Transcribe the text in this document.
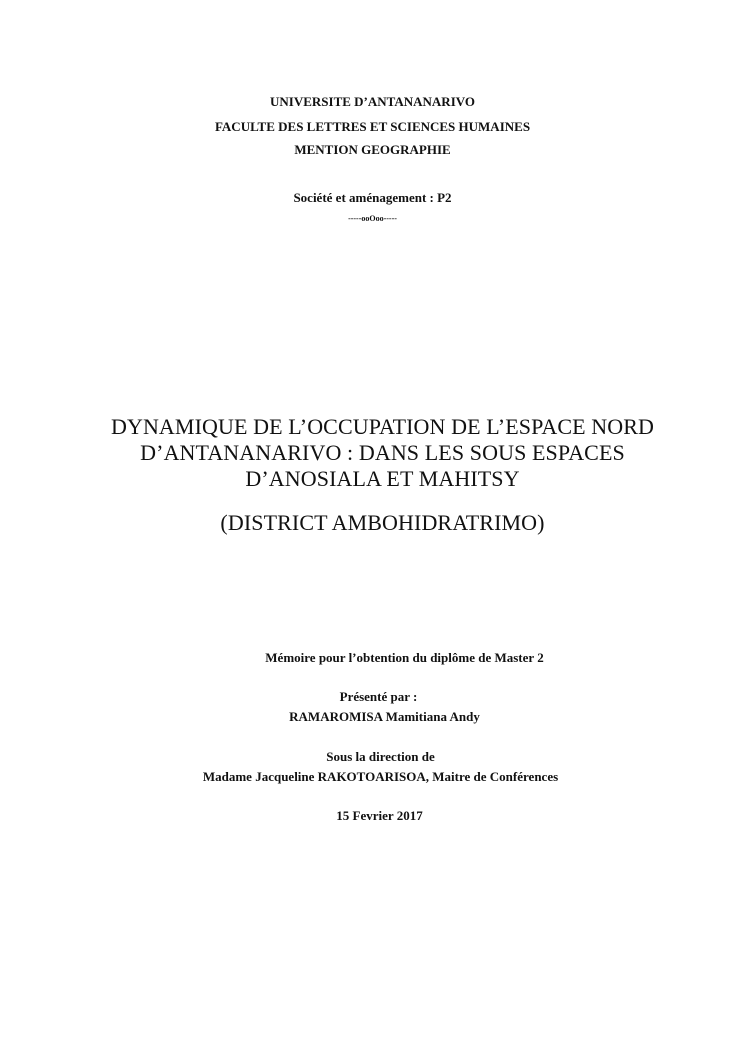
UNIVERSITE D’ANTANANARIVO
FACULTE DES LETTRES ET SCIENCES HUMAINES
MENTION GEOGRAPHIE
Société et aménagement : P2
-----ooOoo-----
DYNAMIQUE DE L’OCCUPATION DE L’ESPACE NORD
D’ANTANANARIVO : DANS LES SOUS ESPACES
D’ANOSIALA ET MAHITSY
(DISTRICT AMBOHIDRATRIMO)
Mémoire pour l’obtention du diplôme de Master 2
Présenté par :
RAMAROMISA Mamitiana Andy
Sous la direction de
Madame Jacqueline RAKOTOARISOA, Maitre de Conférences
15 Fevrier 2017
